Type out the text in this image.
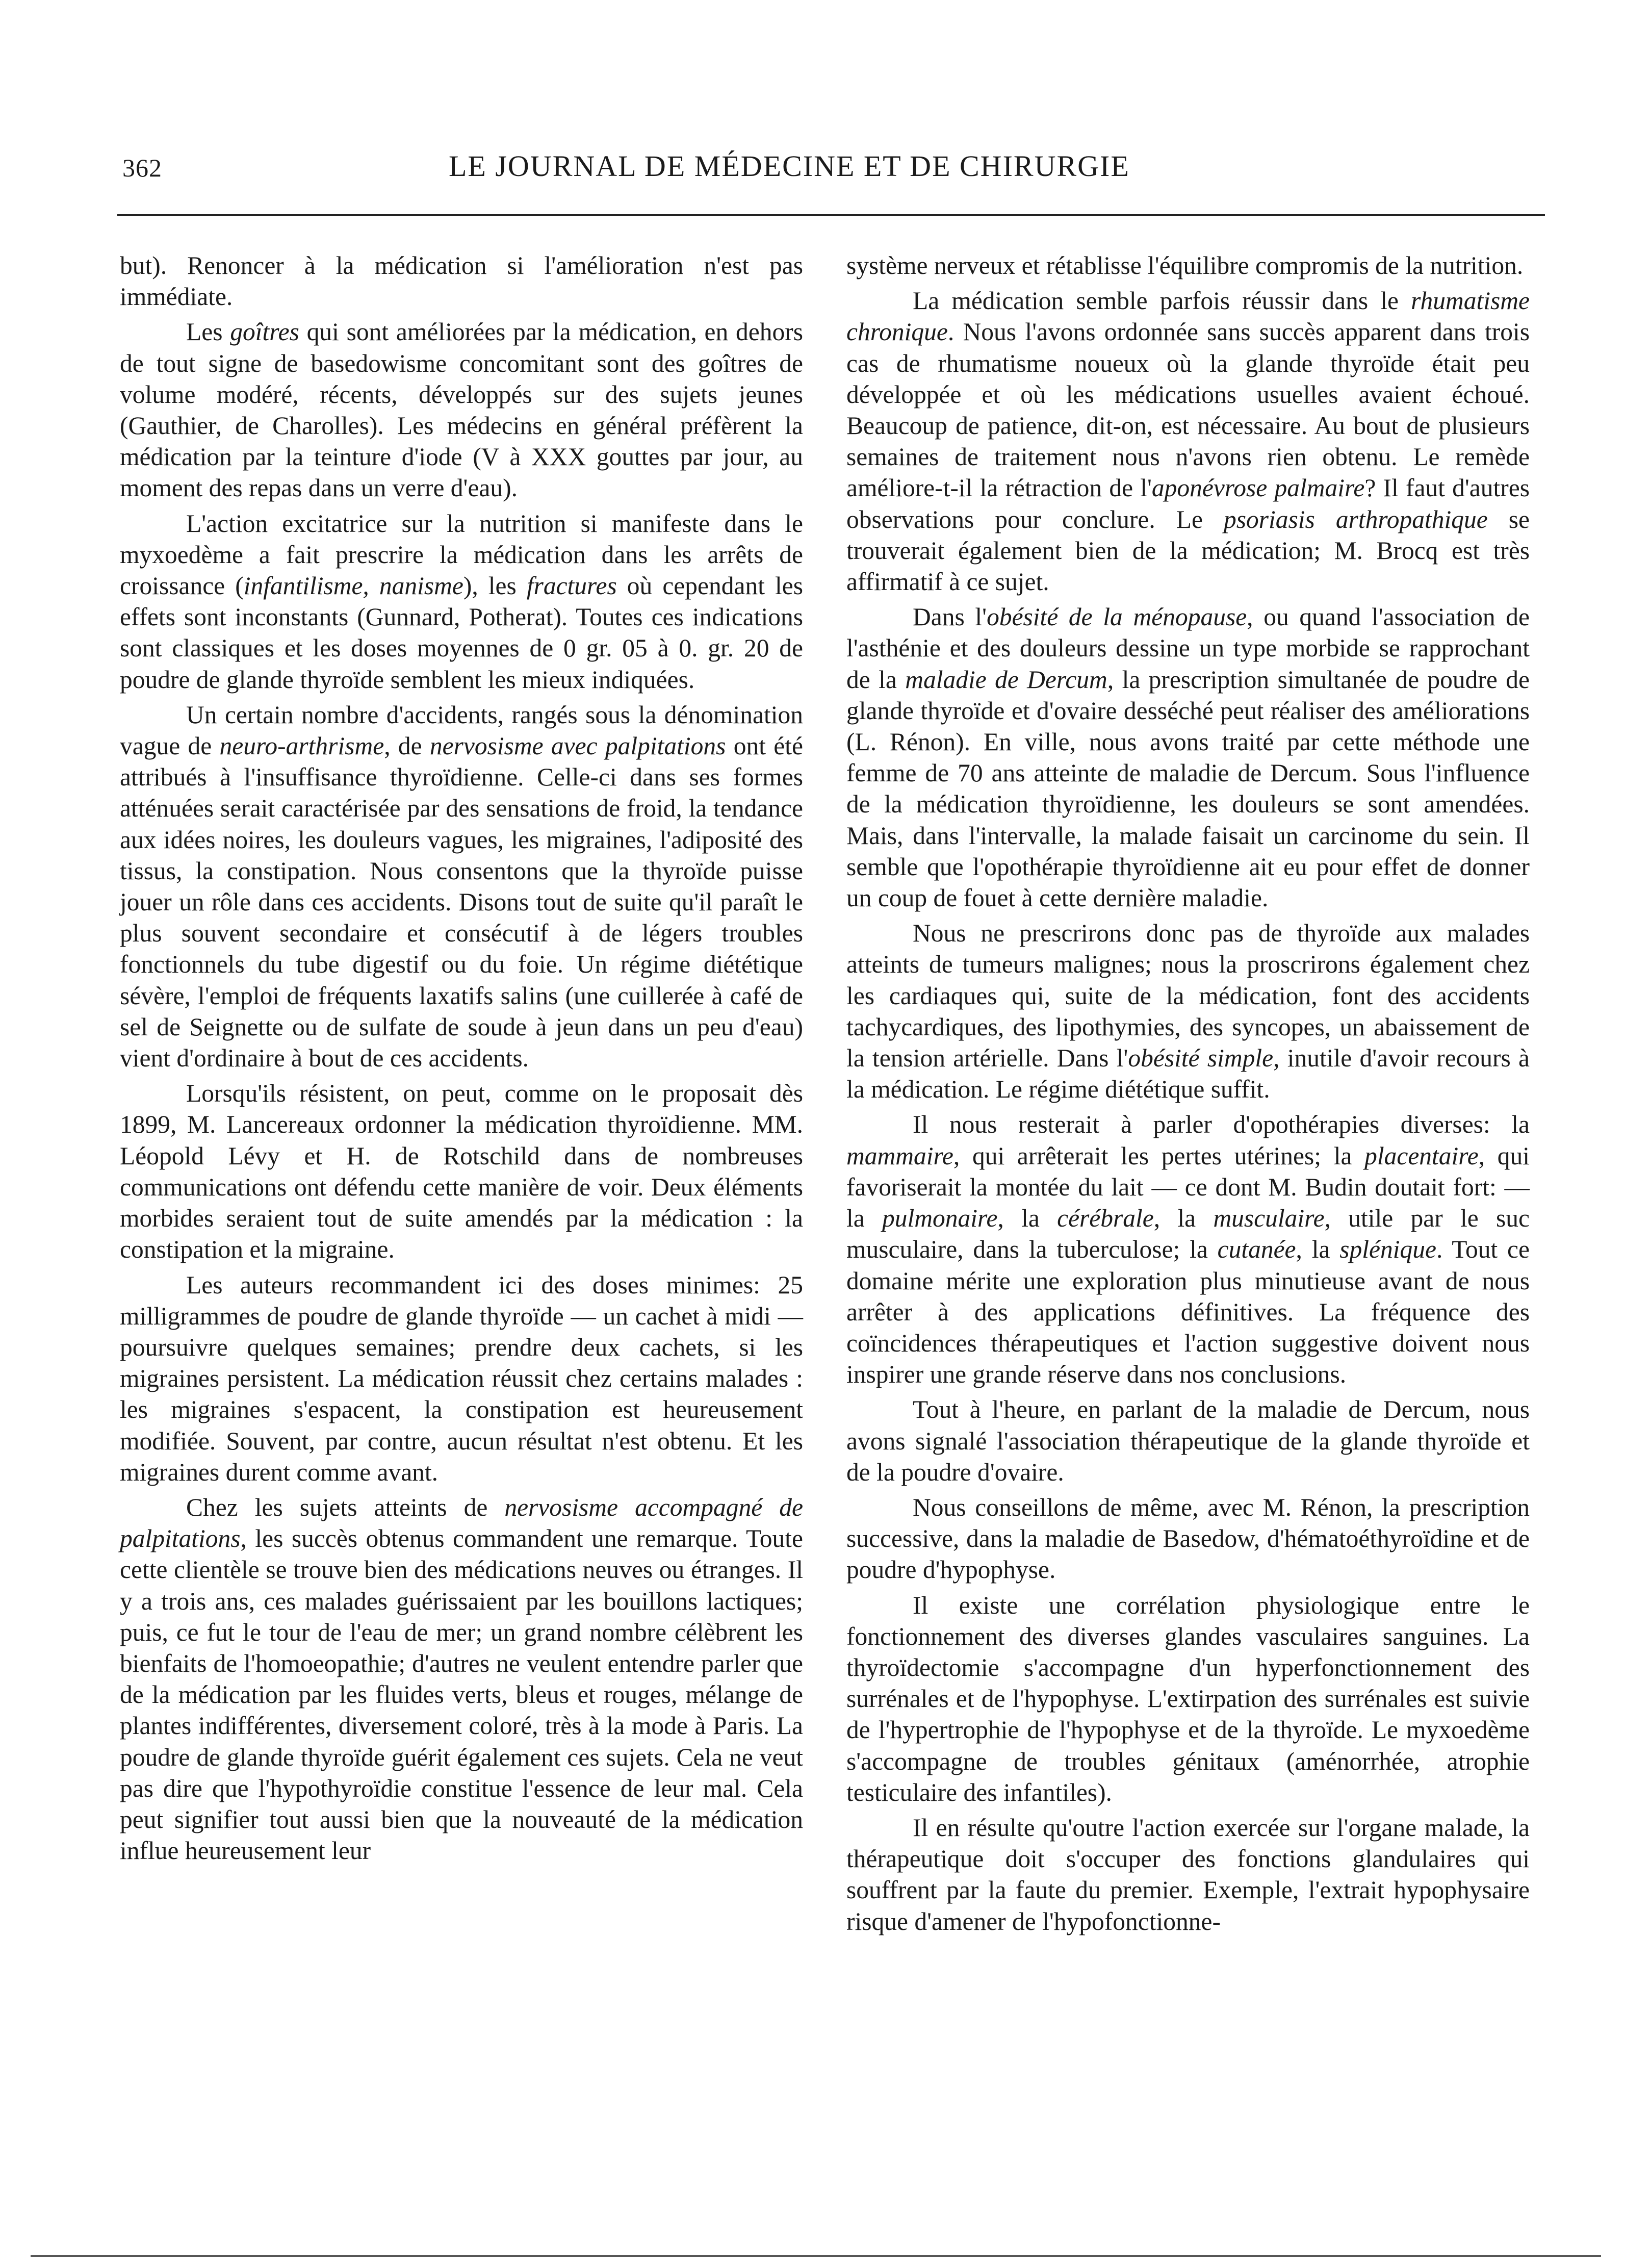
362	LE JOURNAL DE MÉDECINE ET DE CHIRURGIE

but). Renoncer à la médication si l'amélioration n'est pas immédiate.

Les goîtres qui sont améliorées par la médication, en dehors de tout signe de basedowisme concomitant sont des goîtres de volume modéré, récents, développés sur des sujets jeunes (Gauthier, de Charolles). Les médecins en général préfèrent la médication par la teinture d'iode (V à XXX gouttes par jour, au moment des repas dans un verre d'eau).

L'action excitatrice sur la nutrition si manifeste dans le myxoedème a fait prescrire la médication dans les arrêts de croissance (infantilisme, nanisme), les fractures où cependant les effets sont inconstants (Gunnard, Potherat). Toutes ces indications sont classiques et les doses moyennes de 0 gr. 05 à 0. gr. 20 de poudre de glande thyroïde semblent les mieux indiquées.

Un certain nombre d'accidents, rangés sous la dénomination vague de neuro-arthrisme, de nervosisme avec palpitations ont été attribués à l'insuffisance thyroïdienne. Celle-ci dans ses formes atténuées serait caractérisée par des sensations de froid, la tendance aux idées noires, les douleurs vagues, les migraines, l'adiposité des tissus, la constipation. Nous consentons que la thyroïde puisse jouer un rôle dans ces accidents. Disons tout de suite qu'il paraît le plus souvent secondaire et consécutif à de légers troubles fonctionnels du tube digestif ou du foie. Un régime diététique sévère, l'emploi de fréquents laxatifs salins (une cuillerée à café de sel de Seignette ou de sulfate de soude à jeun dans un peu d'eau) vient d'ordinaire à bout de ces accidents.

Lorsqu'ils résistent, on peut, comme on le proposait dès 1899, M. Lancereaux ordonner la médication thyroïdienne. MM. Léopold Lévy et H. de Rotschild dans de nombreuses communications ont défendu cette manière de voir. Deux éléments morbides seraient tout de suite amendés par la médication : la constipation et la migraine.

Les auteurs recommandent ici des doses minimes: 25 milligrammes de poudre de glande thyroïde — un cachet à midi — poursuivre quelques semaines; prendre deux cachets, si les migraines persistent. La médication réussit chez certains malades : les migraines s'espacent, la constipation est heureusement modifiée. Souvent, par contre, aucun résultat n'est obtenu. Et les migraines durent comme avant.

Chez les sujets atteints de nervosisme accompagné de palpitations, les succès obtenus commandent une remarque. Toute cette clientèle se trouve bien des médications neuves ou étranges. Il y a trois ans, ces malades guérissaient par les bouillons lactiques; puis, ce fut le tour de l'eau de mer; un grand nombre célèbrent les bienfaits de l'homoeopathie; d'autres ne veulent entendre parler que de la médication par les fluides verts, bleus et rouges, mélange de plantes indifférentes, diversement coloré, très à la mode à Paris. La poudre de glande thyroïde guérit également ces sujets. Cela ne veut pas dire que l'hypothyroïdie constitue l'essence de leur mal. Cela peut signifier tout aussi bien que la nouveauté de la médication influe heureusement leur

système nerveux et rétablisse l'équilibre compromis de la nutrition.

La médication semble parfois réussir dans le rhumatisme chronique. Nous l'avons ordonnée sans succès apparent dans trois cas de rhumatisme noueux où la glande thyroïde était peu développée et où les médications usuelles avaient échoué. Beaucoup de patience, dit-on, est nécessaire. Au bout de plusieurs semaines de traitement nous n'avons rien obtenu. Le remède améliore-t-il la rétraction de l'aponévrose palmaire? Il faut d'autres observations pour conclure. Le psoriasis arthropathique se trouverait également bien de la médication; M. Brocq est très affirmatif à ce sujet.

Dans l'obésité de la ménopause, ou quand l'association de l'asthénie et des douleurs dessine un type morbide se rapprochant de la maladie de Dercum, la prescription simultanée de poudre de glande thyroïde et d'ovaire desséché peut réaliser des améliorations (L. Rénon). En ville, nous avons traité par cette méthode une femme de 70 ans atteinte de maladie de Dercum. Sous l'influence de la médication thyroïdienne, les douleurs se sont amendées. Mais, dans l'intervalle, la malade faisait un carcinome du sein. Il semble que l'opothérapie thyroïdienne ait eu pour effet de donner un coup de fouet à cette dernière maladie.

Nous ne prescrirons donc pas de thyroïde aux malades atteints de tumeurs malignes; nous la proscrirons également chez les cardiaques qui, suite de la médication, font des accidents tachycardiques, des lipothymies, des syncopes, un abaissement de la tension artérielle. Dans l'obésité simple, inutile d'avoir recours à la médication. Le régime diététique suffit.

Il nous resterait à parler d'opothérapies diverses: la mammaire, qui arrêterait les pertes utérines; la placentaire, qui favoriserait la montée du lait — ce dont M. Budin doutait fort: — la pulmonaire, la cérébrale, la musculaire, utile par le suc musculaire, dans la tuberculose; la cutanée, la splénique. Tout ce domaine mérite une exploration plus minutieuse avant de nous arrêter à des applications définitives. La fréquence des coïncidences thérapeutiques et l'action suggestive doivent nous inspirer une grande réserve dans nos conclusions.

Tout à l'heure, en parlant de la maladie de Dercum, nous avons signalé l'association thérapeutique de la glande thyroïde et de la poudre d'ovaire.

Nous conseillons de même, avec M. Rénon, la prescription successive, dans la maladie de Basedow, d'hématoéthyroïdine et de poudre d'hypophyse.

Il existe une corrélation physiologique entre le fonctionnement des diverses glandes vasculaires sanguines. La thyroïdectomie s'accompagne d'un hyperfonctionnement des surrénales et de l'hypophyse. L'extirpation des surrénales est suivie de l'hypertrophie de l'hypophyse et de la thyroïde. Le myxoedème s'accompagne de troubles génitaux (aménorrhée, atrophie testiculaire des infantiles).

Il en résulte qu'outre l'action exercée sur l'organe malade, la thérapeutique doit s'occuper des fonctions glandulaires qui souffrent par la faute du premier. Exemple, l'extrait hypophysaire risque d'amener de l'hypofonctionne-
